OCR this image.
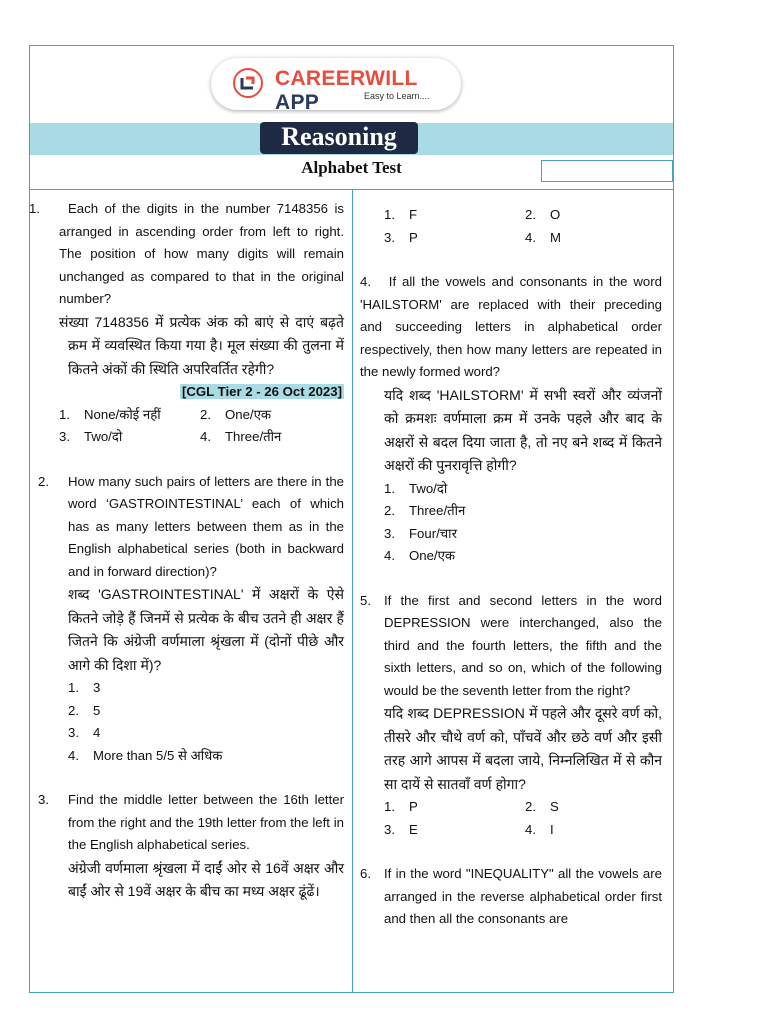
CAREERWILL APP	Easy to Learn....
Reasoning
Alphabet Test
1.	Each of the digits in the number 7148356 is arranged in ascending order from left to right. The position of how many digits will remain unchanged as compared to that in the original number?
संख्या 7148356 में प्रत्येक अंक को बाएं से दाएं बढ़ते क्रम में व्यवस्थित किया गया है। मूल संख्या की तुलना में कितने अंकों की स्थिति अपरिवर्तित रहेगी?
[CGL Tier 2 - 26 Oct 2023]
1.	None/कोई नहीं	2.	One/एक
3.	Two/दो	4.	Three/तीन
2. How many such pairs of letters are there in the word ‘GASTROINTESTINAL’ each of which has as many letters between them as in the English alphabetical series (both in backward and in forward direction)?
शब्द 'GASTROINTESTINAL' में अक्षरों के ऐसे कितने जोड़े हैं जिनमें से प्रत्येक के बीच उतने ही अक्षर हैं जितने कि अंग्रेजी वर्णमाला श्रृंखला में (दोनों पीछे और आगे की दिशा में)?
1.	3
2.	5
3.	4
4.	More than 5/5 से अधिक
3. Find the middle letter between the 16th letter from the right and the 19th letter from the left in the English alphabetical series.
अंग्रेजी वर्णमाला श्रृंखला में दाईं ओर से 16वें अक्षर और बाईं ओर से 19वें अक्षर के बीच का मध्य अक्षर ढूंढें।
1.	F	2.	O
3.	P	4.	M
4. If all the vowels and consonants in the word 'HAILSTORM' are replaced with their preceding and succeeding letters in alphabetical order respectively, then how many letters are repeated in the newly formed word?
यदि शब्द 'HAILSTORM' में सभी स्वरों और व्यंजनों को क्रमशः वर्णमाला क्रम में उनके पहले और बाद के अक्षरों से बदल दिया जाता है, तो नए बने शब्द में कितने अक्षरों की पुनरावृत्ति होगी?
1.	Two/दो
2.	Three/तीन
3.	Four/चार
4.	One/एक
5. If the first and second letters in the word DEPRESSION were interchanged, also the third and the fourth letters, the fifth and the sixth letters, and so on, which of the following would be the seventh letter from the right?
यदि शब्द DEPRESSION में पहले और दूसरे वर्ण को, तीसरे और चौथे वर्ण को, पाँचवें और छठे वर्ण और इसी तरह आगे आपस में बदला जाये, निम्नलिखित में से कौन सा दायें से सातवाँ वर्ण होगा?
1.	P	2.	S
3.	E	4.	I
6. If in the word "INEQUALITY" all the vowels are arranged in the reverse alphabetical order first and then all the consonants are
